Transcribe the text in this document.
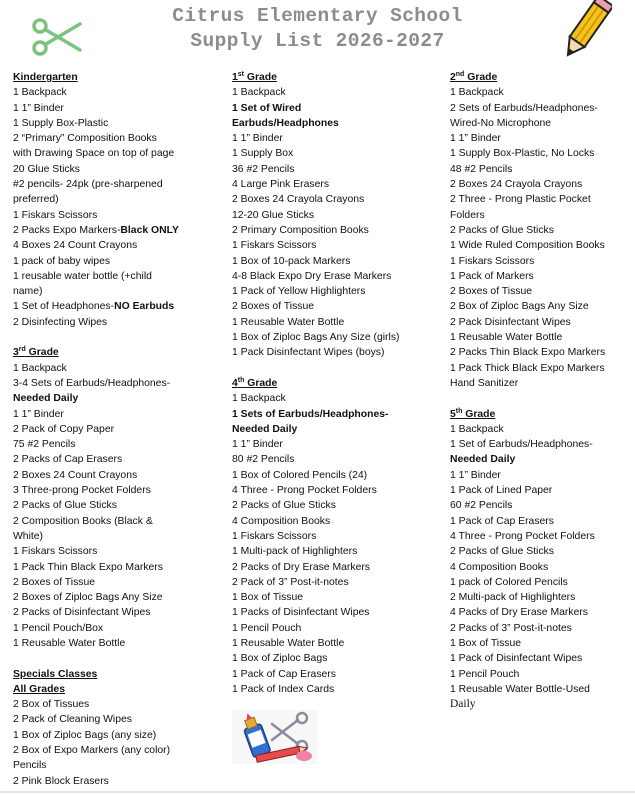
Citrus Elementary School
Supply List 2026-2027
Kindergarten
1 Backpack
1 1” Binder
1 Supply Box-Plastic
2 “Primary” Composition Books
with Drawing Space on top of page
20 Glue Sticks
#2 pencils- 24pk (pre-sharpened
preferred)
1 Fiskars Scissors
2 Packs Expo Markers-Black ONLY
4 Boxes 24 Count Crayons
1 pack of baby wipes
1 reusable water bottle (+child
name)
1 Set of Headphones-NO Earbuds
2 Disinfecting Wipes
3rd Grade
1 Backpack
3-4 Sets of Earbuds/Headphones-
Needed Daily
1 1” Binder
2 Pack of Copy Paper
75 #2 Pencils
2 Packs of Cap Erasers
2 Boxes 24 Count Crayons
3 Three-prong Pocket Folders
2 Packs of Glue Sticks
2 Composition Books (Black &
White)
1 Fiskars Scissors
1 Pack Thin Black Expo Markers
2 Boxes of Tissue
2 Boxes of Ziploc Bags Any Size
2 Packs of Disinfectant Wipes
1 Pencil Pouch/Box
1 Reusable Water Bottle
Specials Classes
All Grades
2 Box of Tissues
2 Pack of Cleaning Wipes
1 Box of Ziploc Bags (any size)
2 Box of Expo Markers (any color)
Pencils
2 Pink Block Erasers
1st Grade
1 Backpack
1 Set of Wired
Earbuds/Headphones
1 1” Binder
1 Supply Box
36 #2 Pencils
4 Large Pink Erasers
2 Boxes 24 Crayola Crayons
12-20 Glue Sticks
2 Primary Composition Books
1 Fiskars Scissors
1 Box of 10-pack Markers
4-8 Black Expo Dry Erase Markers
1 Pack of Yellow Highlighters
2 Boxes of Tissue
1 Reusable Water Bottle
1 Box of Ziploc Bags Any Size (girls)
1 Pack Disinfectant Wipes (boys)
4th Grade
1 Backpack
1 Sets of Earbuds/Headphones-
Needed Daily
1 1” Binder
80 #2 Pencils
1 Box of Colored Pencils (24)
4 Three - Prong Pocket Folders
2 Packs of Glue Sticks
4 Composition Books
1 Fiskars Scissors
1 Multi-pack of Highlighters
2 Packs of Dry Erase Markers
2 Pack of 3” Post-it-notes
1 Box of Tissue
1 Packs of Disinfectant Wipes
1 Pencil Pouch
1 Reusable Water Bottle
1 Box of Ziploc Bags
1 Pack of Cap Erasers
1 Pack of Index Cards
2nd Grade
1 Backpack
2 Sets of Earbuds/Headphones-
Wired-No Microphone
1 1” Binder
1 Supply Box-Plastic, No Locks
48 #2 Pencils
2 Boxes 24 Crayola Crayons
2 Three - Prong Plastic Pocket
Folders
2 Packs of Glue Sticks
1 Wide Ruled Composition Books
1 Fiskars Scissors
1 Pack of Markers
2 Boxes of Tissue
2 Box of Ziploc Bags Any Size
2 Pack Disinfectant Wipes
1 Reusable Water Bottle
2 Packs Thin Black Expo Markers
1 Pack Thick Black Expo Markers
Hand Sanitizer
5th Grade
1 Backpack
1 Set of Earbuds/Headphones-
Needed Daily
1 1” Binder
1 Pack of Lined Paper
60 #2 Pencils
1 Pack of Cap Erasers
4 Three - Prong Pocket Folders
2 Packs of Glue Sticks
4 Composition Books
1 pack of Colored Pencils
2 Multi-pack of Highlighters
4 Packs of Dry Erase Markers
2 Packs of 3” Post-it-notes
1 Box of Tissue
1 Pack of Disinfectant Wipes
1 Pencil Pouch
1 Reusable Water Bottle-Used
Daily
